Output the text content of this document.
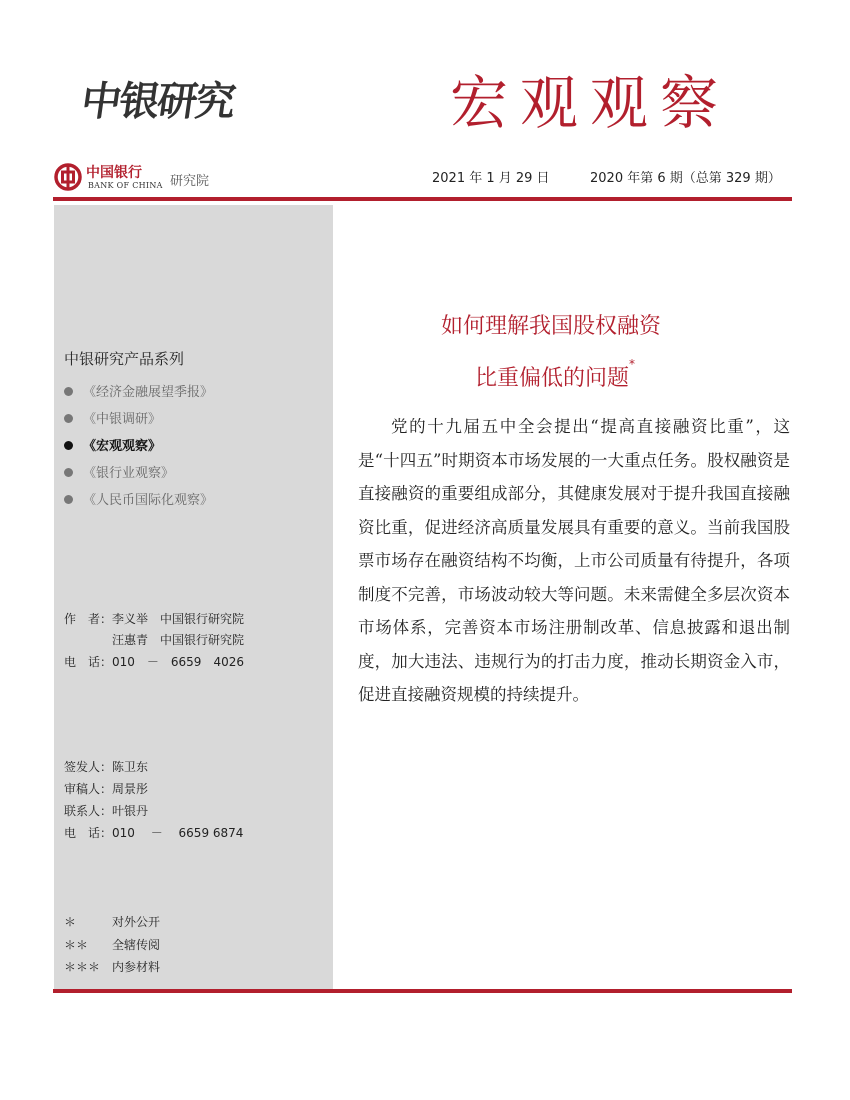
中银研究	宏观观察
中国银行
BANK OF CHINA 研究院	2021 年 1 月 29 日	2020 年第 6 期（总第 329 期）
中银研究产品系列
《经济金融展望季报》
《中银调研》
《宏观观察》
《银行业观察》
《人民币国际化观察》
作　者：李义举　中国银行研究院
　　　　汪惠青　中国银行研究院
电　话：010　－　6659　4026
签发人：陈卫东
审稿人：周景彤
联系人：叶银丹
电　话：010　 －　 6659 6874
＊　　　对外公开
＊＊　　全辖传阅
＊＊＊　内参材料
如何理解我国股权融资
比重偏低的问题*

党的十九届五中全会提出“提高直接融资比重”，这是“十四五”时期资本市场发展的一大重点任务。股权融资是直接融资的重要组成部分，其健康发展对于提升我国直接融资比重，促进经济高质量发展具有重要的意义。当前我国股票市场存在融资结构不均衡，上市公司质量有待提升，各项制度不完善，市场波动较大等问题。未来需健全多层次资本市场体系，完善资本市场注册制改革、信息披露和退出制度，加大违法、违规行为的打击力度，推动长期资金入市，促进直接融资规模的持续提升。
